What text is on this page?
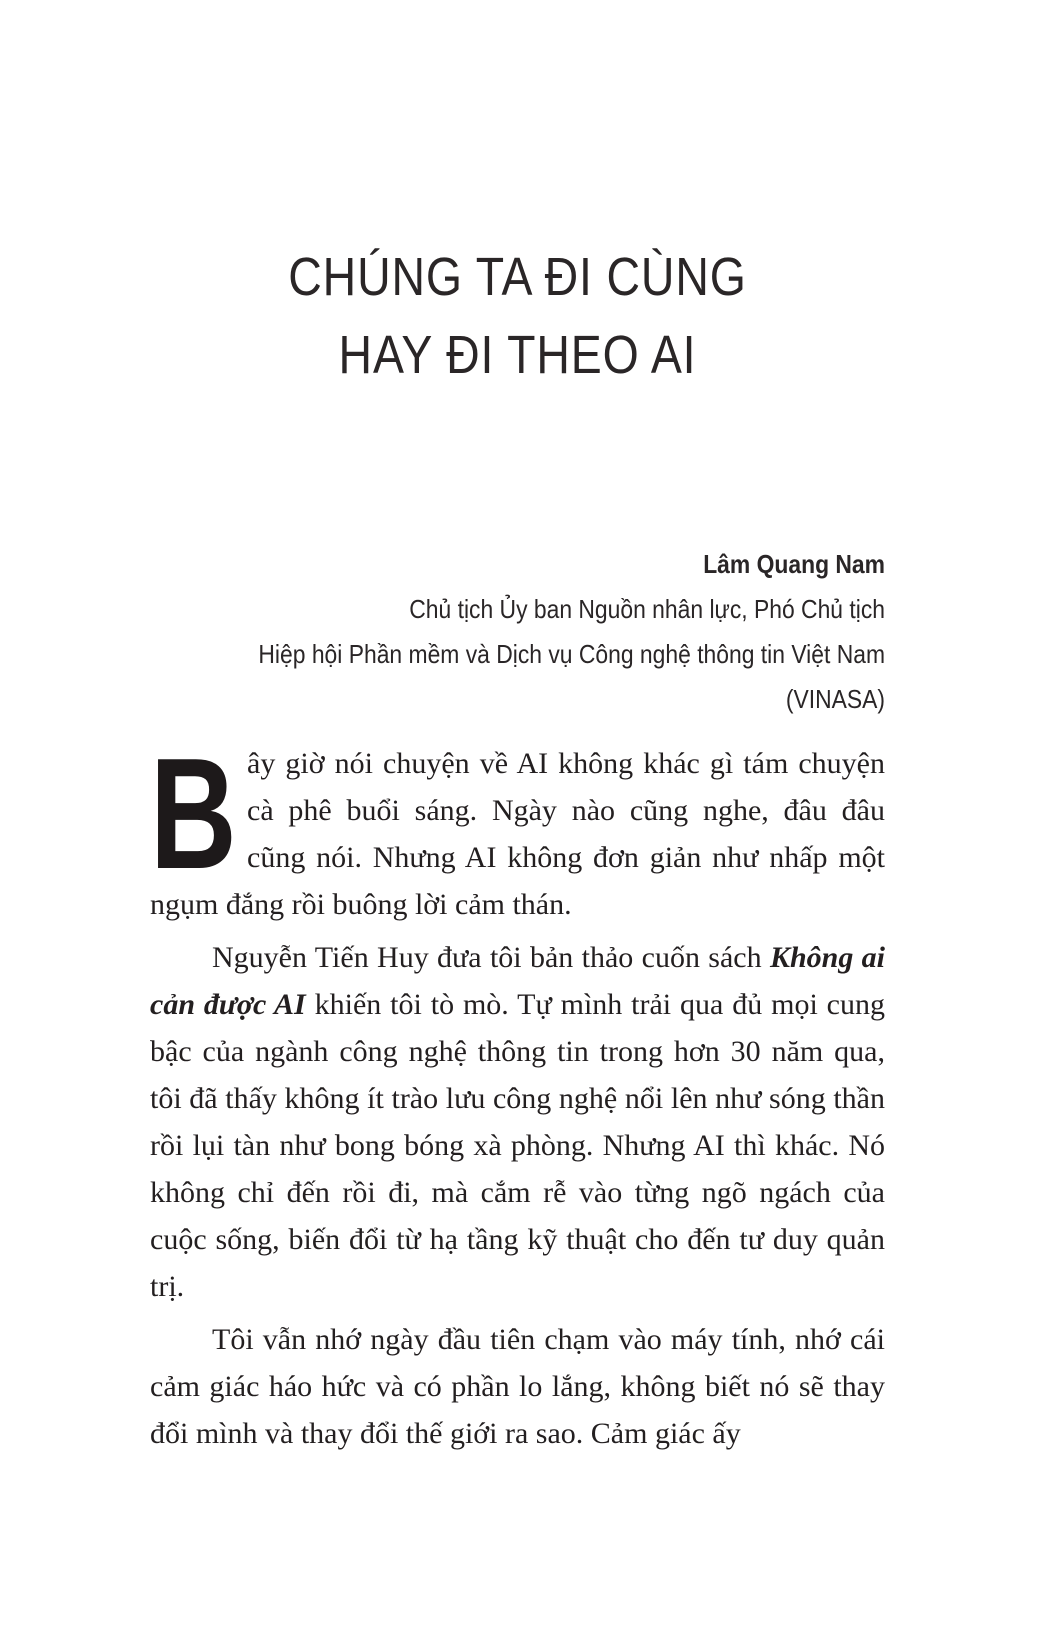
CHÚNG TA ĐI CÙNG
HAY ĐI THEO AI
Lâm Quang Nam
Chủ tịch Ủy ban Nguồn nhân lực, Phó Chủ tịch
Hiệp hội Phần mềm và Dịch vụ Công nghệ thông tin Việt Nam
(VINASA)

Bây giờ nói chuyện về AI không khác gì tám chuyện cà phê buổi sáng. Ngày nào cũng nghe, đâu đâu cũng nói. Nhưng AI không đơn giản như nhấp một ngụm đắng rồi buông lời cảm thán.

Nguyễn Tiến Huy đưa tôi bản thảo cuốn sách Không ai cản được AI khiến tôi tò mò. Tự mình trải qua đủ mọi cung bậc của ngành công nghệ thông tin trong hơn 30 năm qua, tôi đã thấy không ít trào lưu công nghệ nổi lên như sóng thần rồi lụi tàn như bong bóng xà phòng. Nhưng AI thì khác. Nó không chỉ đến rồi đi, mà cắm rễ vào từng ngõ ngách của cuộc sống, biến đổi từ hạ tầng kỹ thuật cho đến tư duy quản trị.

Tôi vẫn nhớ ngày đầu tiên chạm vào máy tính, nhớ cái cảm giác háo hức và có phần lo lắng, không biết nó sẽ thay đổi mình và thay đổi thế giới ra sao. Cảm giác ấy
